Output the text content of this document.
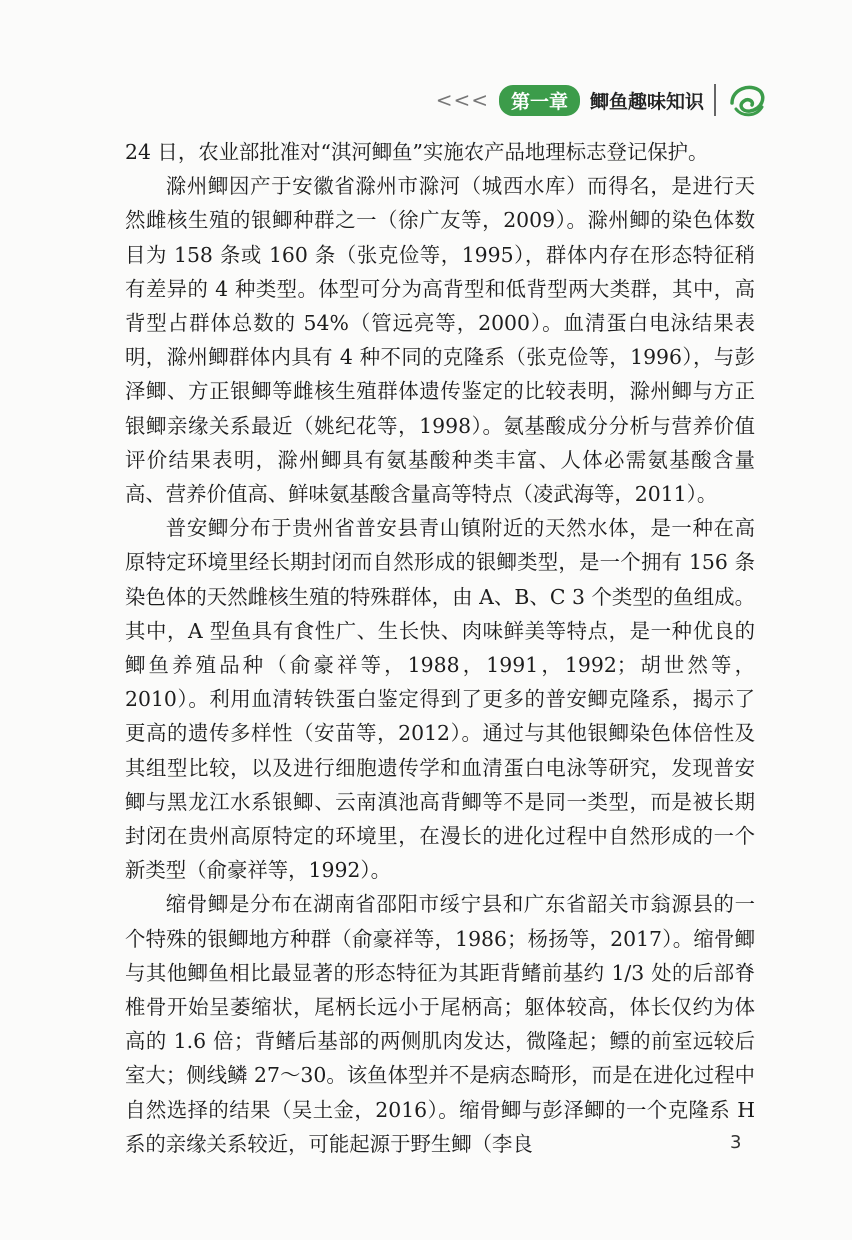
<<<	第一章	鲫鱼趣味知识

24 日，农业部批准对“淇河鲫鱼”实施农产品地理标志登记保护。

滁州鲫因产于安徽省滁州市滁河（城西水库）而得名，是进行天然雌核生殖的银鲫种群之一（徐广友等，2009）。滁州鲫的染色体数目为 158 条或 160 条（张克俭等，1995），群体内存在形态特征稍有差异的 4 种类型。体型可分为高背型和低背型两大类群，其中，高背型占群体总数的 54%（管远亮等，2000）。血清蛋白电泳结果表明，滁州鲫群体内具有 4 种不同的克隆系（张克俭等，1996），与彭泽鲫、方正银鲫等雌核生殖群体遗传鉴定的比较表明，滁州鲫与方正银鲫亲缘关系最近（姚纪花等，1998）。氨基酸成分分析与营养价值评价结果表明，滁州鲫具有氨基酸种类丰富、人体必需氨基酸含量高、营养价值高、鲜味氨基酸含量高等特点（凌武海等，2011）。

普安鲫分布于贵州省普安县青山镇附近的天然水体，是一种在高原特定环境里经长期封闭而自然形成的银鲫类型，是一个拥有 156 条染色体的天然雌核生殖的特殊群体，由 A、B、C 3 个类型的鱼组成。其中，A 型鱼具有食性广、生长快、肉味鲜美等特点，是一种优良的鲫鱼养殖品种（俞豪祥等，1988，1991，1992；胡世然等，2010）。利用血清转铁蛋白鉴定得到了更多的普安鲫克隆系，揭示了更高的遗传多样性（安苗等，2012）。通过与其他银鲫染色体倍性及其组型比较，以及进行细胞遗传学和血清蛋白电泳等研究，发现普安鲫与黑龙江水系银鲫、云南滇池高背鲫等不是同一类型，而是被长期封闭在贵州高原特定的环境里，在漫长的进化过程中自然形成的一个新类型（俞豪祥等，1992）。

缩骨鲫是分布在湖南省邵阳市绥宁县和广东省韶关市翁源县的一个特殊的银鲫地方种群（俞豪祥等，1986；杨扬等，2017）。缩骨鲫与其他鲫鱼相比最显著的形态特征为其距背鳍前基约 1/3 处的后部脊椎骨开始呈萎缩状，尾柄长远小于尾柄高；躯体较高，体长仅约为体高的 1.6 倍；背鳍后基部的两侧肌肉发达，微隆起；鳔的前室远较后室大；侧线鳞 27～30。该鱼体型并不是病态畸形，而是在进化过程中自然选择的结果（吴土金，2016）。缩骨鲫与彭泽鲫的一个克隆系 H 系的亲缘关系较近，可能起源于野生鲫（李良	3
